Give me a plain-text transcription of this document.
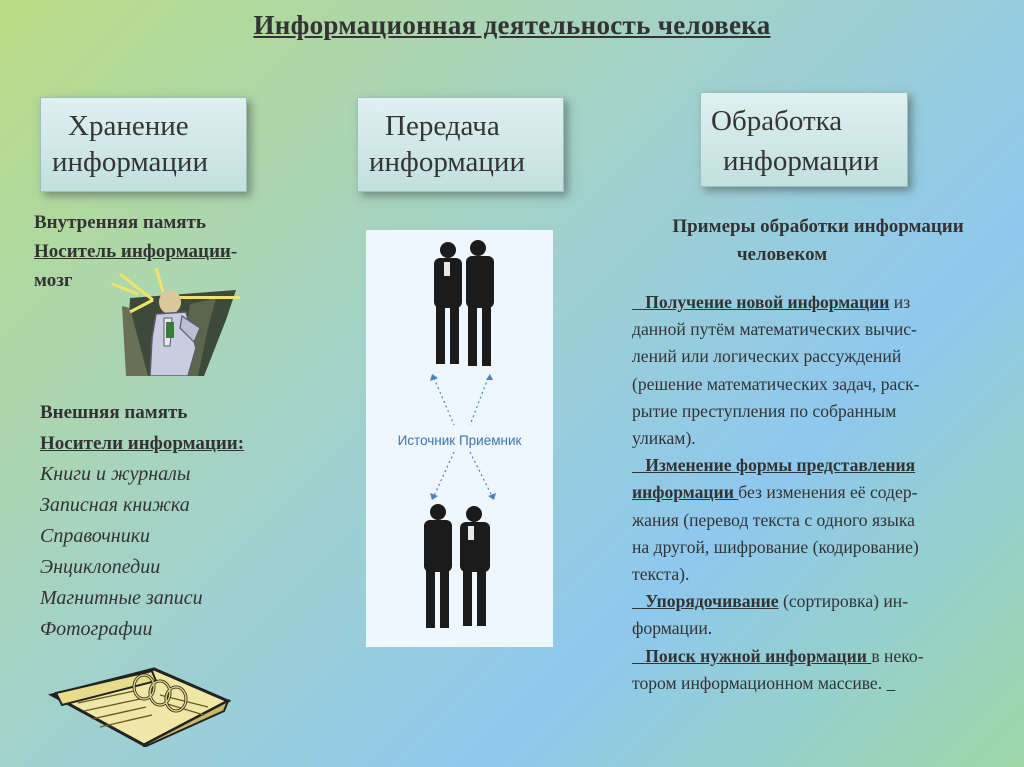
Информационная деятельность человека
Хранение
информации
Передача
информации
Обработка
информации
Внутренняя память
Носитель информации-
мозг
Внешняя память
Носители информации:
Книги и журналы
Записная книжка
Справочники
Энциклопедии
Магнитные записи
Фотографии
Источник Приемник
Примеры обработки информации
человеком
Получение новой информации из
данной путём математических вычис-
лений или логических рассуждений
(решение математических задач, раск-
рытие преступления по собранным
уликам).
Изменение формы представления
информации без изменения её содер-
жания (перевод текста с одного языка
на другой, шифрование (кодирование)
текста).
Упорядочивание (сортировка) ин-
формации.
Поиск нужной информации в неко-
тором информационном массиве.
